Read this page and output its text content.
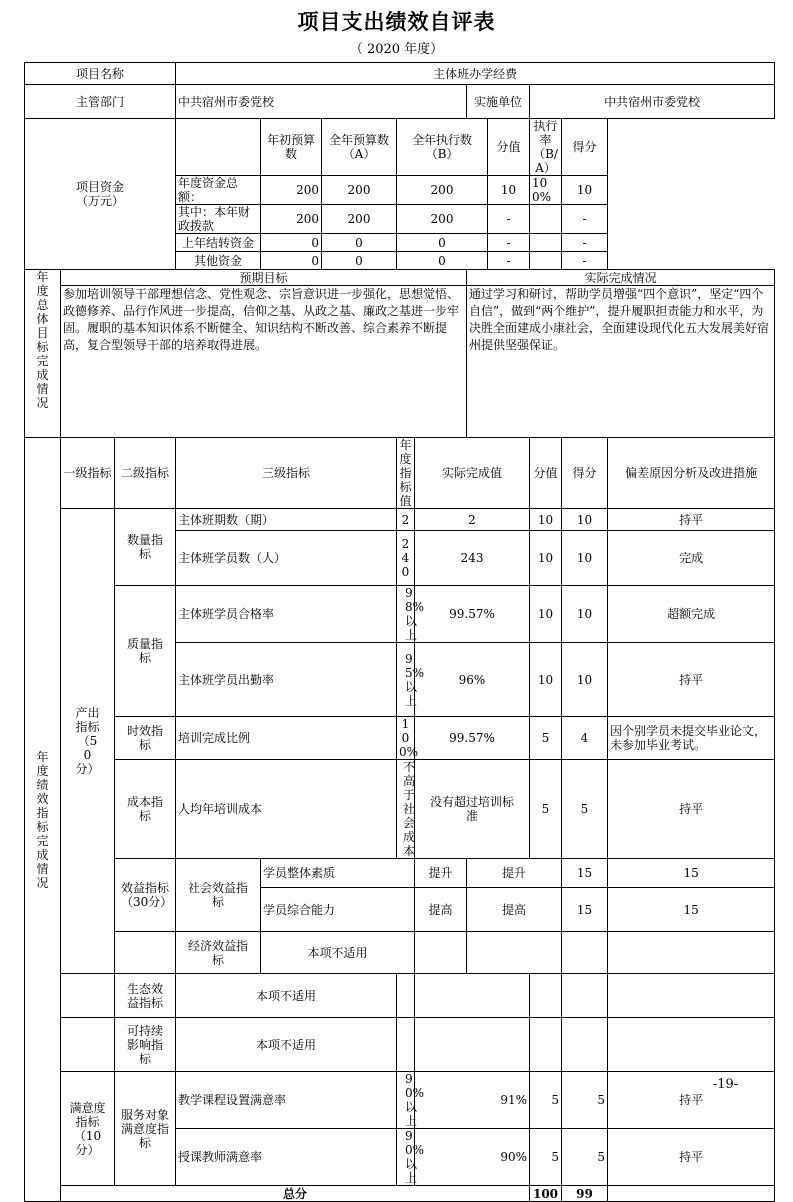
项目支出绩效自评表
（ 2020 年度）
项目名称			主体班办学经费										
主管部门			中共宿州市委党校					实施单位		中共宿州市委党校			
项目资金
（万元）				年初预算数	全年预算数（A）	全年执行数（B）			分值	执行率（B/A）	得分		
			年度资金总额：	200	200	200			10	100%	10		
			其中：本年财政拨款	200	200	200			-		-		
			上年结转资金	0	0	0			-		-		
			其他资金	0	0	0			-		-		
年度总体目标完成情况	预期目标							实际完成情况					
	参加培训领导干部理想信念、党性观念、宗旨意识进一步强化，思想觉悟、政德修养、品行作风进一步提高，信仰之基、从政之基、廉政之基进一步牢固。履职的基本知识体系不断健全、知识结构不断改善、综合素养不断提高，复合型领导干部的培养取得进展。							通过学习和研讨，帮助学员增强“四个意识”，坚定“四个自信”，做到“两个维护”，提升履职担责能力和水平，为决胜全面建成小康社会，全面建设现代化五大发展美好宿州提供坚强保证。					
年度绩效指标完成情况	一级指标	二级指标	三级指标			年度指标值	实际完成值			分值	得分	偏差原因分析及改进措施	
	产出指标（50分）	数量指标	主体班期数（期）			2	2			10	10	持平	
			主体班学员数（人）			240	243			10	10	完成	
		质量指标	主体班学员合格率			98%以上	99.57%			10	10	超额完成	
			主体班学员出勤率			95%以上	96%			10	10	持平	
		时效指标	培训完成比例			100%	99.57%			5	4	因个别学员未提交毕业论文，未参加毕业考试。	
		成本指标	人均年培训成本			不高于社会成本	没有超过培训标准			5	5	持平	
		效益指标（30分）	社会效益指标	学员整体素质			提升	提升			15	15	
				学员综合能力			提高	提高			15	15	
			经济效益指标	本项不适用									
		生态效益指标	本项不适用										
		可持续影响指标	本项不适用										
	满意度指标（10分）	服务对象满意度指标	教学课程设置满意率			90%以上	91%			5	5	持平
-19-	

			授课教师满意率			90%以上	90%			5	5	持平	
	总分									100	99		
